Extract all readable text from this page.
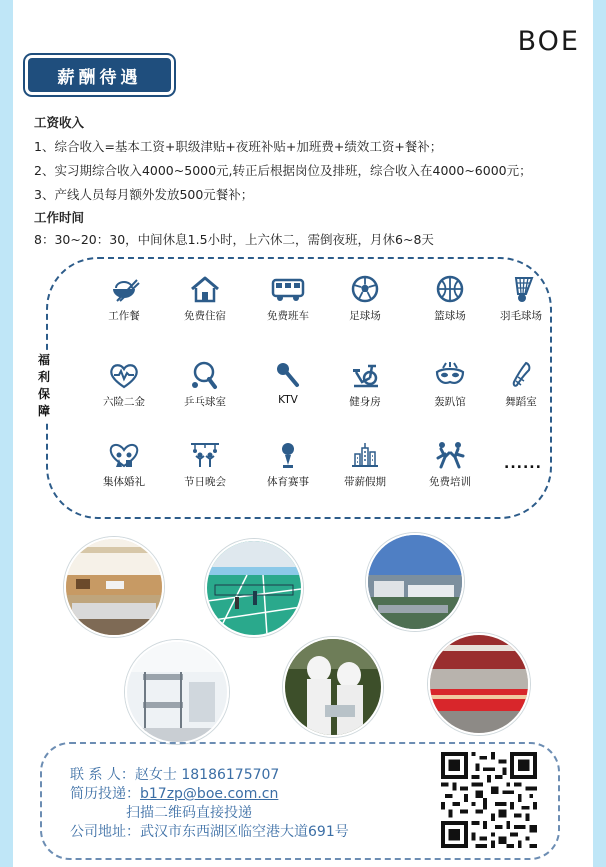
BOE
薪酬待遇
工资收入
1、综合收入=基本工资+职级津贴+夜班补贴+加班费+绩效工资+餐补；
2、实习期综合收入4000~5000元,转正后根据岗位及排班，综合收入在4000~6000元；
3、产线人员每月额外发放500元餐补；
工作时间
8：30~20：30，中间休息1.5小时，上六休二，需倒夜班，月休6~8天
福利保障
工作餐	免费住宿	免费班车	足球场	篮球场	羽毛球场
六险二金	乒乓球室	KTV	健身房	轰趴馆	舞蹈室
集体婚礼	节日晚会	体育赛事	带薪假期	免费培训
......
联 系 人：赵女士 18186175707
简历投递：b17zp@boe.com.cn
扫描二维码直接投递
公司地址：武汉市东西湖区临空港大道691号
